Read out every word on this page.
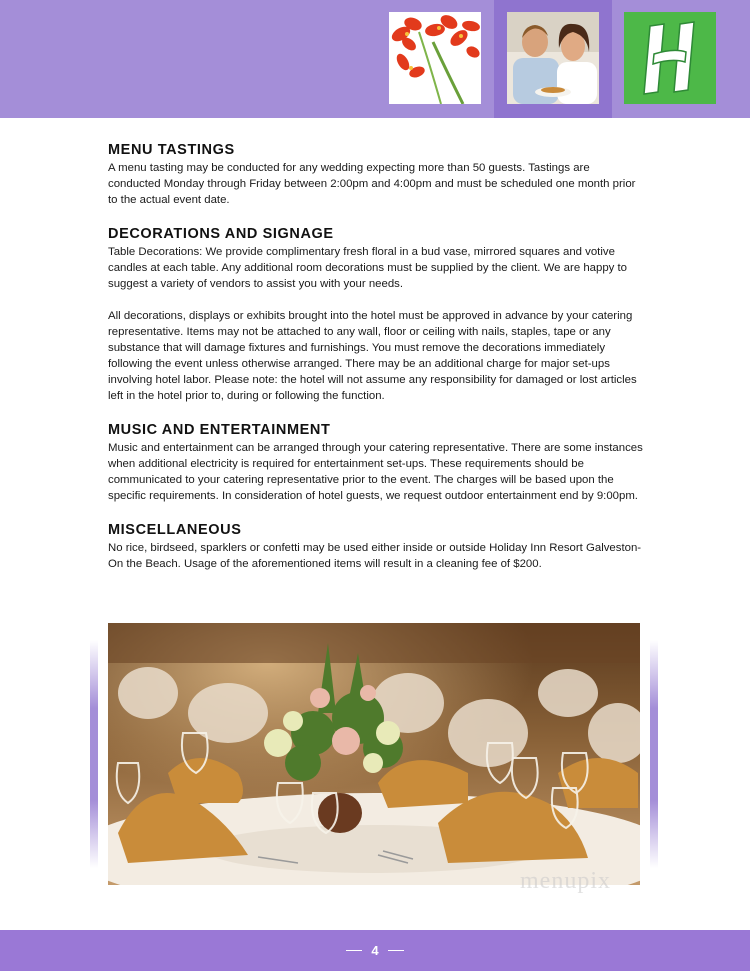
MENU TASTINGS

A menu tasting may be conducted for any wedding expecting more than 50 guests. Tastings are conducted Monday through Friday between 2:00pm and 4:00pm and must be scheduled one month prior to the actual event date.

DECORATIONS AND SIGNAGE

Table Decorations: We provide complimentary fresh floral in a bud vase, mirrored squares and votive candles at each table. Any additional room decorations must be supplied by the client. We are happy to suggest a variety of vendors to assist you with your needs.

All decorations, displays or exhibits brought into the hotel must be approved in advance by your catering representative. Items may not be attached to any wall, floor or ceiling with nails, staples, tape or any substance that will damage fixtures and furnishings. You must remove the decorations immediately following the event unless otherwise arranged. There may be an additional charge for major set-ups involving hotel labor. Please note: the hotel will not assume any responsibility for damaged or lost articles left in the hotel prior to, during or following the function.

MUSIC AND ENTERTAINMENT

Music and entertainment can be arranged through your catering representative. There are some instances when additional electricity is required for entertainment set-ups. These requirements should be communicated to your catering representative prior to the event. The charges will be based upon the specific requirements. In consideration of hotel guests, we request outdoor entertainment end by 9:00pm.

MISCELLANEOUS

No rice, birdseed, sparklers or confetti may be used either inside or outside Holiday Inn Resort Galveston-On the Beach. Usage of the aforementioned items will result in a cleaning fee of $200.

menupix
4
